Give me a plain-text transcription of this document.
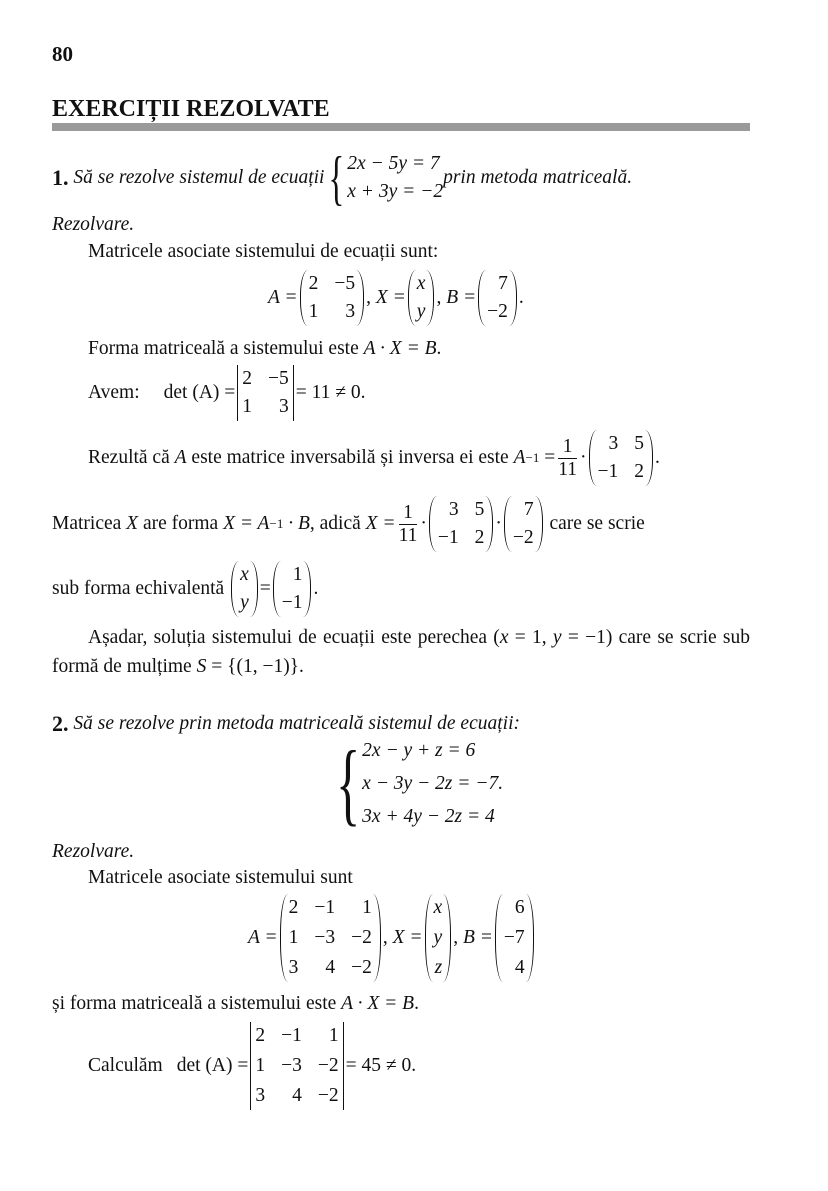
80
EXERCIȚII REZOLVATE
1.
Să se rezolve sistemul de ecuații { 2x − 5y = 7
x + 3y = −2
prin metoda matriceală.
Rezolvare.
Matricele asociate sistemului de ecuații sunt:
A =
2 −5
1 3
,
X =
x
y
,
B =
7
−2
.
Forma matriceală a sistemului este A · X = B.
Avem: det (A) =
2 −5
1 3
= 11 ≠ 0.
Rezultă că A este matrice inversabilă și inversa ei este $A -1 = \frac{1}{11}$ ·
3 5
−1 2
.
Matricea X are forma X = A −1 · B , adică $X = \frac{1}{11}$ ·
3 5
−1 2
·
7
−2
care se scrie
sub forma echivalentă
x
y
=
1
−1
.
Așadar, soluția sistemului de ecuații este perechea (x = 1, y = −1) care se scrie sub formă de mulțime S = {(1, −1)}.
2.
Să se rezolve prin metoda matriceală sistemul de ecuații:
{ 2x − y + z = 6
x − 3y − 2z = −7.
3x + 4y − 2z = 4
Rezolvare.
Matricele asociate sistemului sunt
A =
2 −1 1
1 −3 −2
3 4 −2
,
X =
x
y
z
,
B =
6
−7
4
și forma matriceală a sistemului este A · X = B.
Calculăm det (A) =
2 −1 1
1 −3 −2
3 4 −2
= 45 ≠ 0.
